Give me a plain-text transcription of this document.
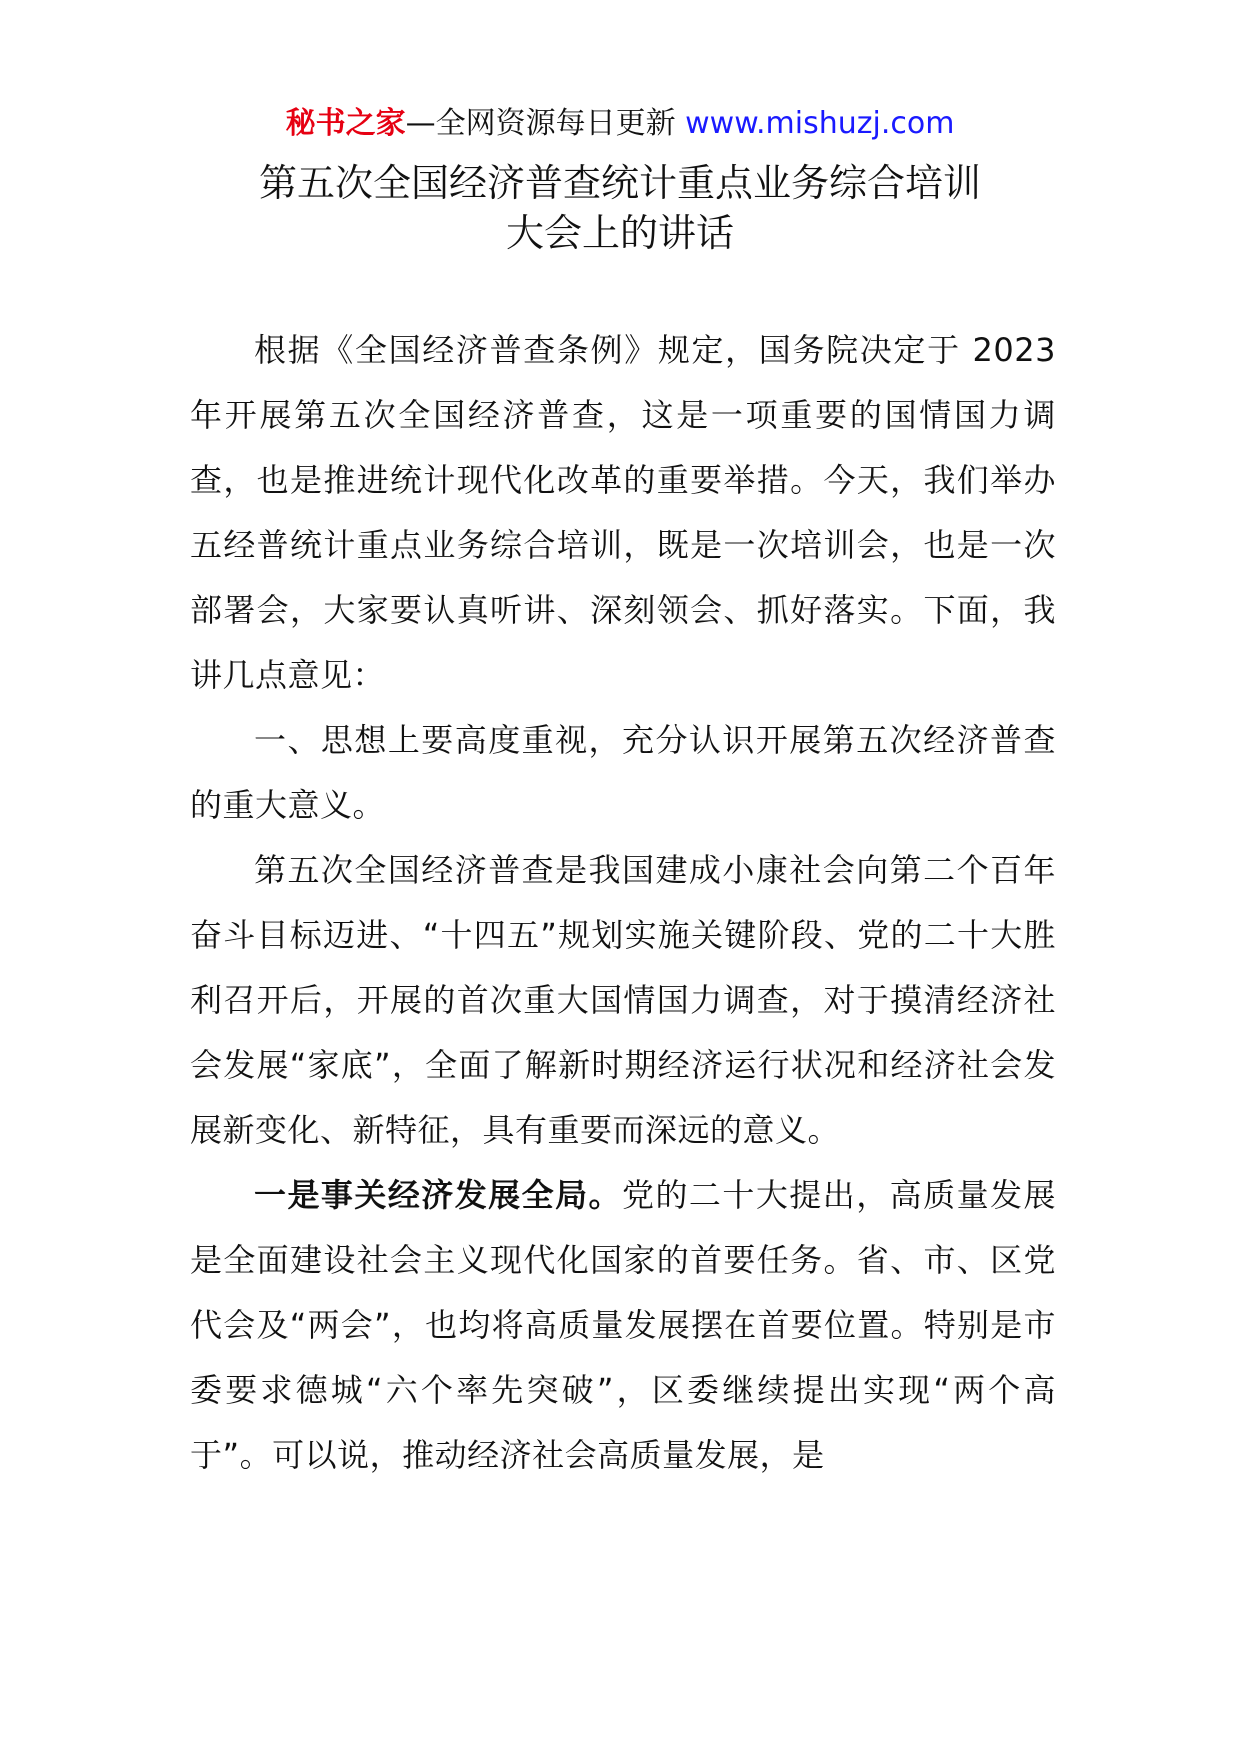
秘书之家—全网资源每日更新 www.mishuzj.com
第五次全国经济普查统计重点业务综合培训
大会上的讲话

根据《全国经济普查条例》规定，国务院决定于 2023 年开展第五次全国经济普查，这是一项重要的国情国力调查，也是推进统计现代化改革的重要举措。今天，我们举办五经普统计重点业务综合培训，既是一次培训会，也是一次部署会，大家要认真听讲、深刻领会、抓好落实。下面，我讲几点意见：

一、思想上要高度重视，充分认识开展第五次经济普查的重大意义。

第五次全国经济普查是我国建成小康社会向第二个百年奋斗目标迈进、“十四五”规划实施关键阶段、党的二十大胜利召开后，开展的首次重大国情国力调查，对于摸清经济社会发展“家底”，全面了解新时期经济运行状况和经济社会发展新变化、新特征，具有重要而深远的意义。

一是事关经济发展全局。党的二十大提出，高质量发展是全面建设社会主义现代化国家的首要任务。省、市、区党代会及“两会”，也均将高质量发展摆在首要位置。特别是市委要求德城“六个率先突破”，区委继续提出实现“两个高于”。可以说，推动经济社会高质量发展，是
